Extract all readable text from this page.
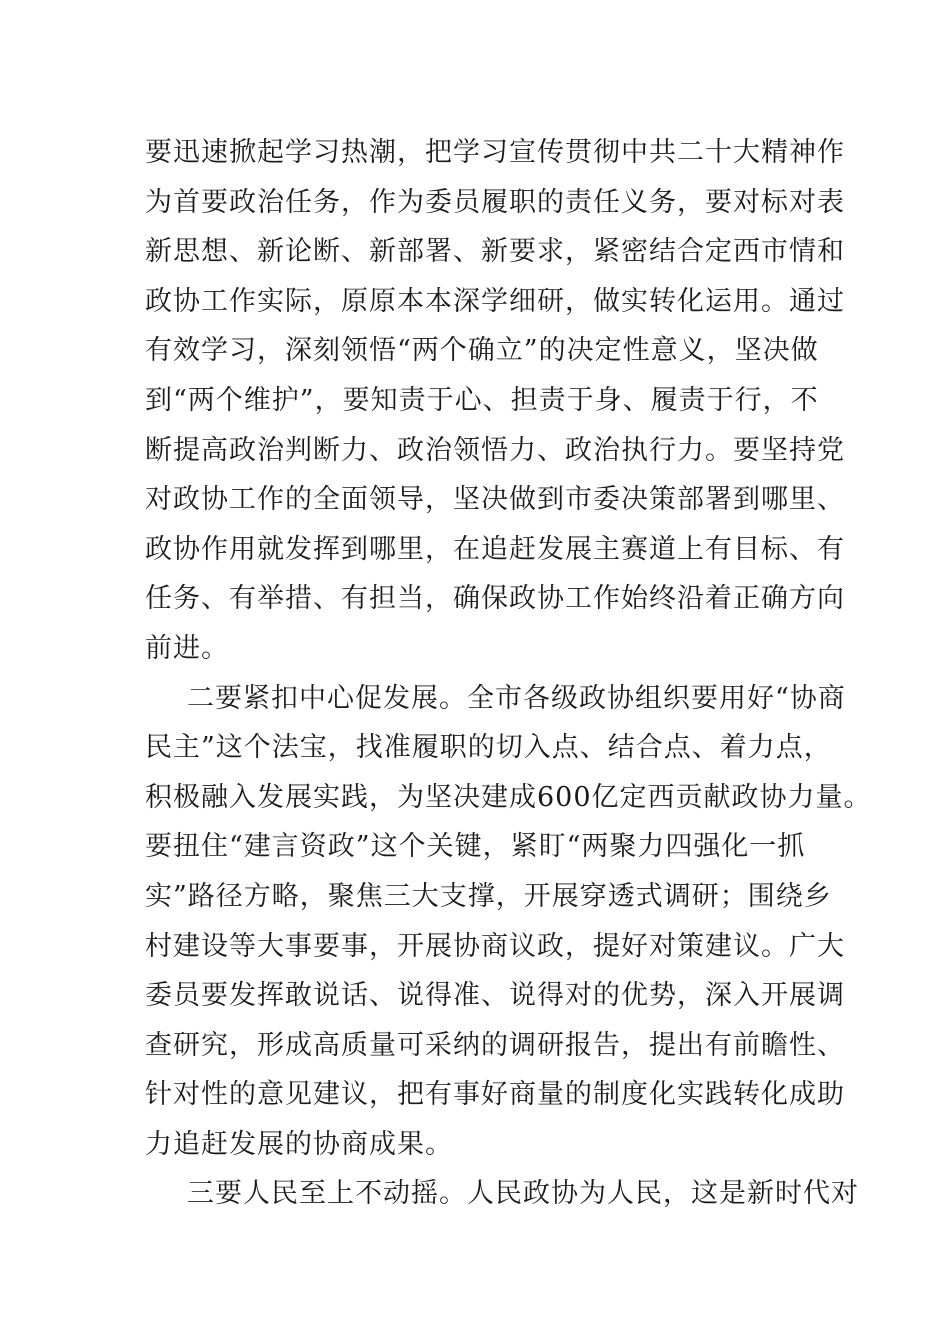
要迅速掀起学习热潮，把学习宣传贯彻中共二十大精神作
为首要政治任务，作为委员履职的责任义务，要对标对表
新思想、新论断、新部署、新要求，紧密结合定西市情和
政协工作实际，原原本本深学细研，做实转化运用。通过
有效学习，深刻领悟“两个确立”的决定性意义，坚决做
到“两个维护”，要知责于心、担责于身、履责于行，不
断提高政治判断力、政治领悟力、政治执行力。要坚持党
对政协工作的全面领导，坚决做到市委决策部署到哪里、
政协作用就发挥到哪里，在追赶发展主赛道上有目标、有
任务、有举措、有担当，确保政协工作始终沿着正确方向
前进。
二要紧扣中心促发展。全市各级政协组织要用好“协商
民主”这个法宝，找准履职的切入点、结合点、着力点，
积极融入发展实践，为坚决建成600亿定西贡献政协力量。
要扭住“建言资政”这个关键，紧盯“两聚力四强化一抓
实”路径方略，聚焦三大支撑，开展穿透式调研；围绕乡
村建设等大事要事，开展协商议政，提好对策建议。广大
委员要发挥敢说话、说得准、说得对的优势，深入开展调
查研究，形成高质量可采纳的调研报告，提出有前瞻性、
针对性的意见建议，把有事好商量的制度化实践转化成助
力追赶发展的协商成果。
三要人民至上不动摇。人民政协为人民，这是新时代对
